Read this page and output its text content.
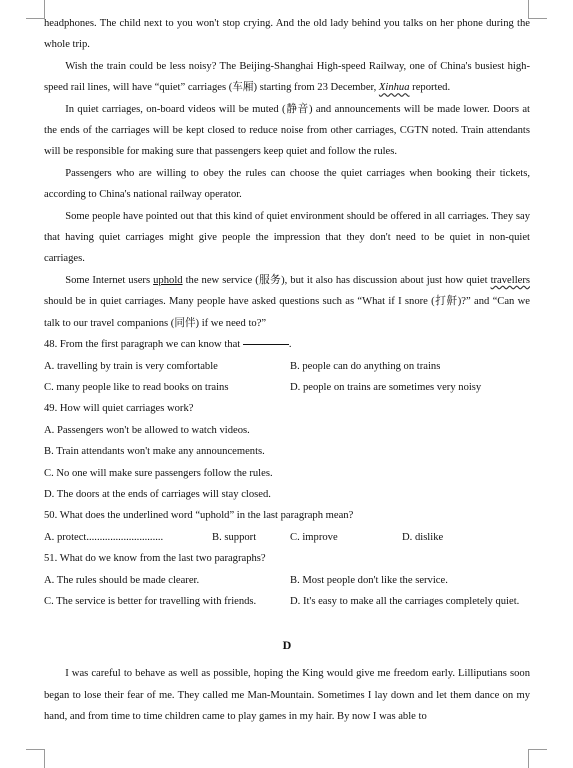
headphones. The child next to you won't stop crying. And the old lady behind you talks on her phone during the whole trip.

Wish the train could be less noisy? The Beijing-Shanghai High-speed Railway, one of China's busiest high-speed rail lines, will have “quiet” carriages (车厢) starting from 23 December, Xinhua reported.

In quiet carriages, on-board videos will be muted (静音) and announcements will be made lower. Doors at the ends of the carriages will be kept closed to reduce noise from other carriages, CGTN noted. Train attendants will be responsible for making sure that passengers keep quiet and follow the rules.

Passengers who are willing to obey the rules can choose the quiet carriages when booking their tickets, according to China's national railway operator.

Some people have pointed out that this kind of quiet environment should be offered in all carriages. They say that having quiet carriages might give people the impression that they don't need to be quiet in non-quiet carriages.

Some Internet users uphold the new service (服务), but it also has discussion about just how quiet travellers should be in quiet carriages. Many people have asked questions such as “What if I snore (打鼾)?” and “Can we talk to our travel companions (同伴) if we need to?”

48. From the first paragraph we can know that
	.
A. travelling by train is very comfortable	B. people can do anything on trains
C. many people like to read books on trains	D. people on trains are sometimes very noisy
49. How will quiet carriages work?
A. Passengers won't be allowed to watch videos.
B. Train attendants won't make any announcements.
C. No one will make sure passengers follow the rules.
D. The doors at the ends of carriages will stay closed.
50. What does the underlined word “uphold” in the last paragraph mean?
A. protect.............................	B. support	C. improve	D. dislike
51. What do we know from the last two paragraphs?
A. The rules should be made clearer.	B. Most people don't like the service.
C. The service is better for travelling with friends.	D. It's easy to make all the carriages completely quiet.
D

I was careful to behave as well as possible, hoping the King would give me freedom early. Lilliputians soon began to lose their fear of me. They called me Man-Mountain. Sometimes I lay down and let them dance on my hand, and from time to time children came to play games in my hair. By now I was able to
